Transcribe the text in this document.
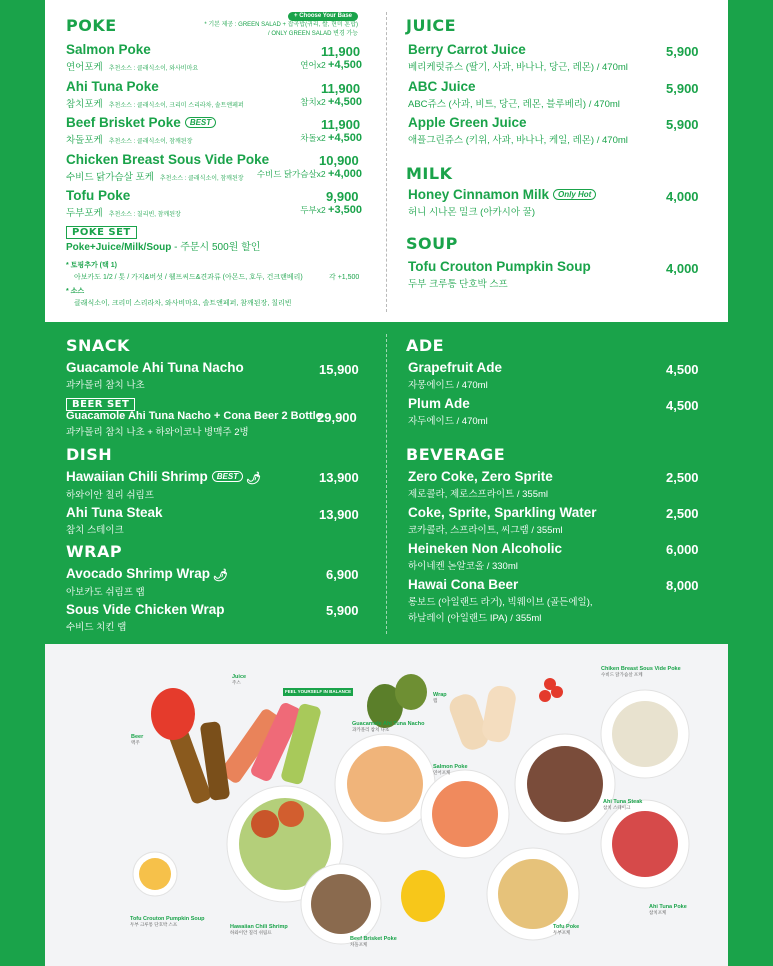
POKE	+ Choose Your Base
* 기본 제공 : GREEN SALAD + 잡곡밥(귀리, 쌀, 현미 혼합)
/ ONLY GREEN SALAD 변경 가능
Salmon Poke
연어포케 추천소스 : 클래식소이, 와사비마요
11,900
연어x2 +4,500
Ahi Tuna Poke
참치포케 추천소스 : 클래식소이, 크리미 스리라차, 솔트앤페퍼
11,900
참치x2 +4,500
Beef Brisket Poke BEST
차돌포케 추천소스 : 클래식소이, 참깨된장
11,900
차돌x2 +4,500
Chicken Breast Sous Vide Poke
수비드 닭가슴살 포케 추천소스 : 클래식소이, 참깨된장
10,900
수비드 닭가슴살x2 +4,000
Tofu Poke
두부포케 추천소스 : 칠리빈, 참깨된장
9,900
두부x2 +3,500
POKE SET
Poke+Juice/Milk/Soup - 주문시 500원 할인
* 토핑추가 (택 1)
아보카도 1/2 / 톳 / 가지&버섯 / 웰프씨드&견과류 (아몬드, 호두, 건크랜베리)	각 +1,500
* 소스
클래식소이, 크리미 스리라차, 와사비마요, 솔트앤페퍼, 참깨된장, 칠리빈
JUICE
Berry Carrot Juice
베리케럿쥬스 (딸기, 사과, 바나나, 당근, 레몬) / 470ml
5,900
ABC Juice
ABC쥬스 (사과, 비트, 당근, 레몬, 블루베리) / 470ml
5,900
Apple Green Juice
애플그린쥬스 (키위, 사과, 바나나, 케일, 레몬) / 470ml
5,900
MILK
Honey Cinnamon Milk Only Hot
허니 시나몬 밀크 (아카시아 꿀)
4,000
SOUP
Tofu Crouton Pumpkin Soup
두부 크루통 단호박 스프
4,000
SNACK
Guacamole Ahi Tuna Nacho
과카몰리 참치 나초
15,900
BEER SET
Guacamole Ahi Tuna Nacho + Cona Beer 2 Bottle
과카몰리 참치 나초 + 하와이코나 병맥주 2병
29,900
DISH
Hawaiian Chili Shrimp BEST 🌶
하와이안 칠리 쉬림프
13,900
Ahi Tuna Steak
참치 스테이크
13,900
WRAP
Avocado Shrimp Wrap 🌶
아보카도 쉬림프 랩
6,900
Sous Vide Chicken Wrap
수비드 치킨 랩
5,900
ADE
Grapefruit Ade
자몽에이드 / 470ml
4,500
Plum Ade
자두에이드 / 470ml
4,500
BEVERAGE
Zero Coke, Zero Sprite
제로콜라, 제로스프라이트 / 355ml
2,500
Coke, Sprite, Sparkling Water
코카콜라, 스프라이트, 씨그램 / 355ml
2,500
Heineken Non Alcoholic
하이네켄 논알코올 / 330ml
6,000
Hawai Cona Beer
롱보드 (아일랜드 라거), 빅웨이브 (골든에일),
하날레이 (아일랜드 IPA) / 355ml
8,000
FEEL YOURSELF IN BALANCE
Juice
주스
Beer
맥주
Guacamole Ahi Tuna Nacho
과카몰리 참치 나초
Wrap
랩
Salmon Poke
연어포케
Chiken Breast Sous Vide Poke
수비드 닭가슴살 포케
Ahi Tuna Steak
참치 스테이크
Tofu Crouton Pumpkin Soup
두부 크루통 단호박 스프	Hawaiian Chili Shrimp
하와이안 칠리 쉬림프
Beef Brisket Poke
차돌포케
Tofu Poke
두부포케
Ahi Tuna Poke
참치포케
